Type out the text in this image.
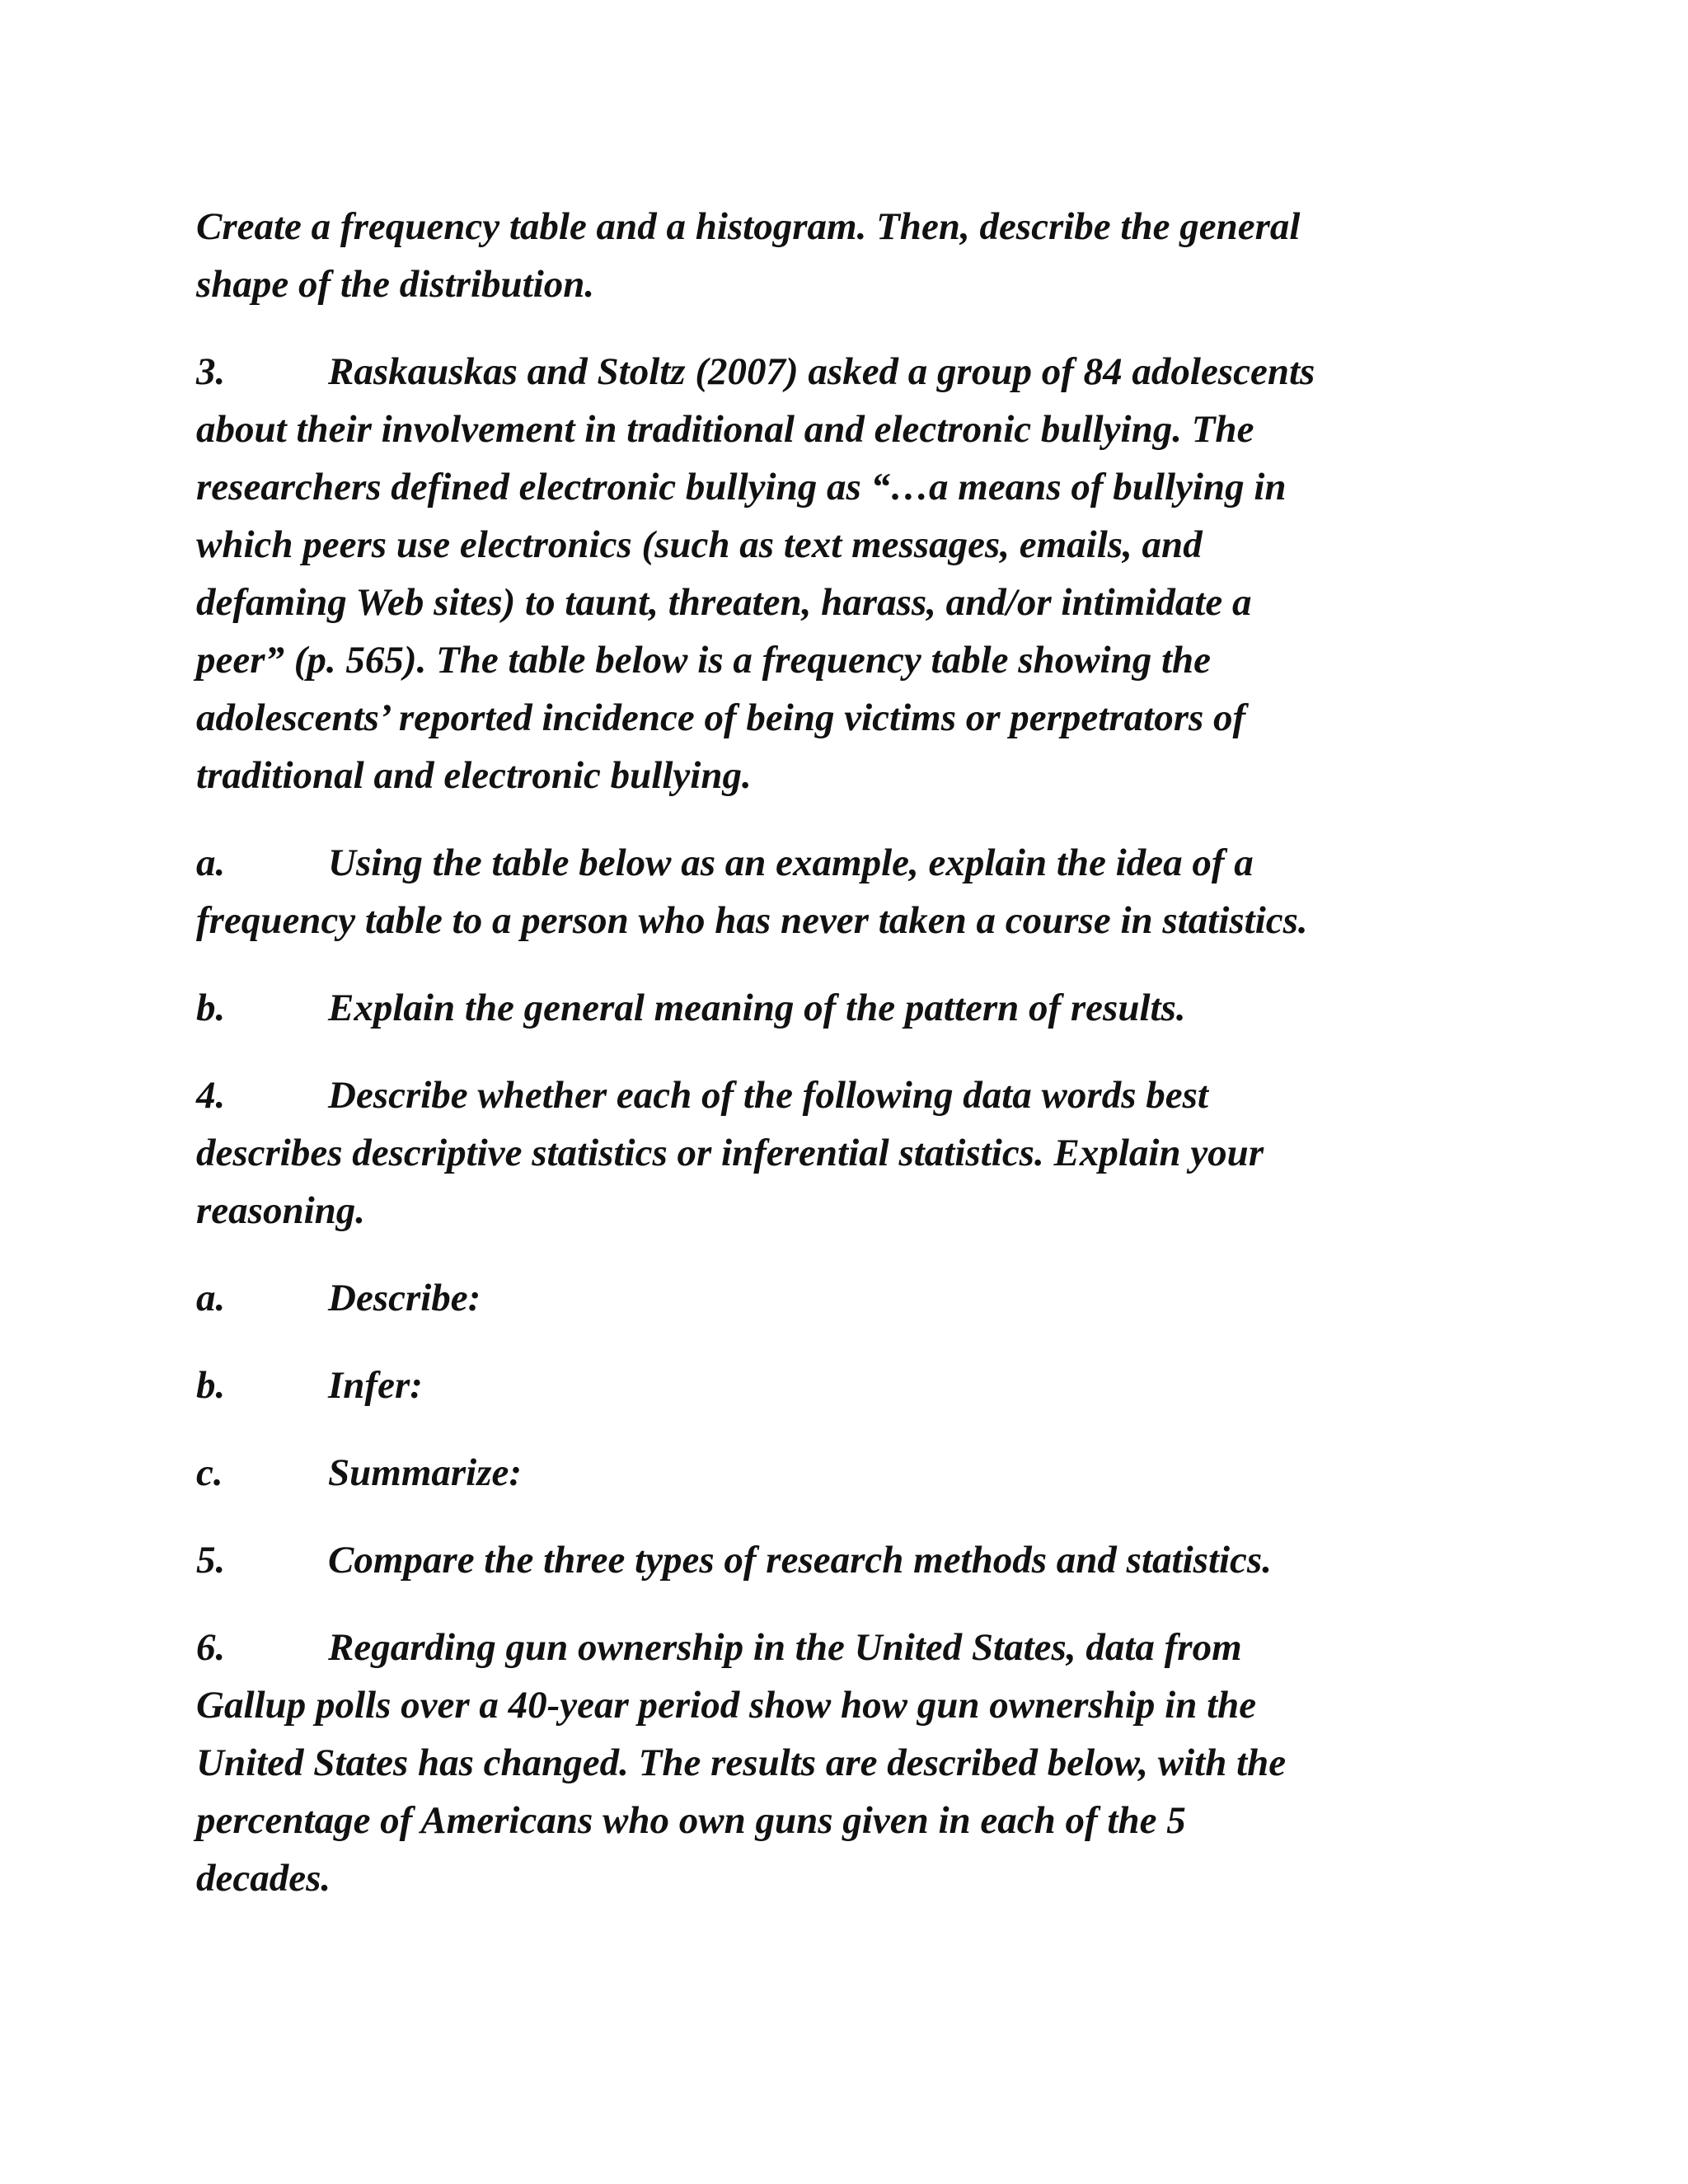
Create a frequency table and a histogram. Then, describe the general
shape of the distribution.
3.	Raskauskas and Stoltz (2007) asked a group of 84 adolescents
about their involvement in traditional and electronic bullying. The
researchers defined electronic bullying as “…a means of bullying in
which peers use electronics (such as text messages, emails, and
defaming Web sites) to taunt, threaten, harass, and/or intimidate a
peer” (p. 565). The table below is a frequency table showing the
adolescents’ reported incidence of being victims or perpetrators of
traditional and electronic bullying.
a.	Using the table below as an example, explain the idea of a
frequency table to a person who has never taken a course in statistics.
b.	Explain the general meaning of the pattern of results.
4.	Describe whether each of the following data words best
describes descriptive statistics or inferential statistics. Explain your
reasoning.
a.	Describe:
b.	Infer:
c.	Summarize:
5.	Compare the three types of research methods and statistics.
6.	Regarding gun ownership in the United States, data from
Gallup polls over a 40-year period show how gun ownership in the
United States has changed. The results are described below, with the
percentage of Americans who own guns given in each of the 5
decades.
